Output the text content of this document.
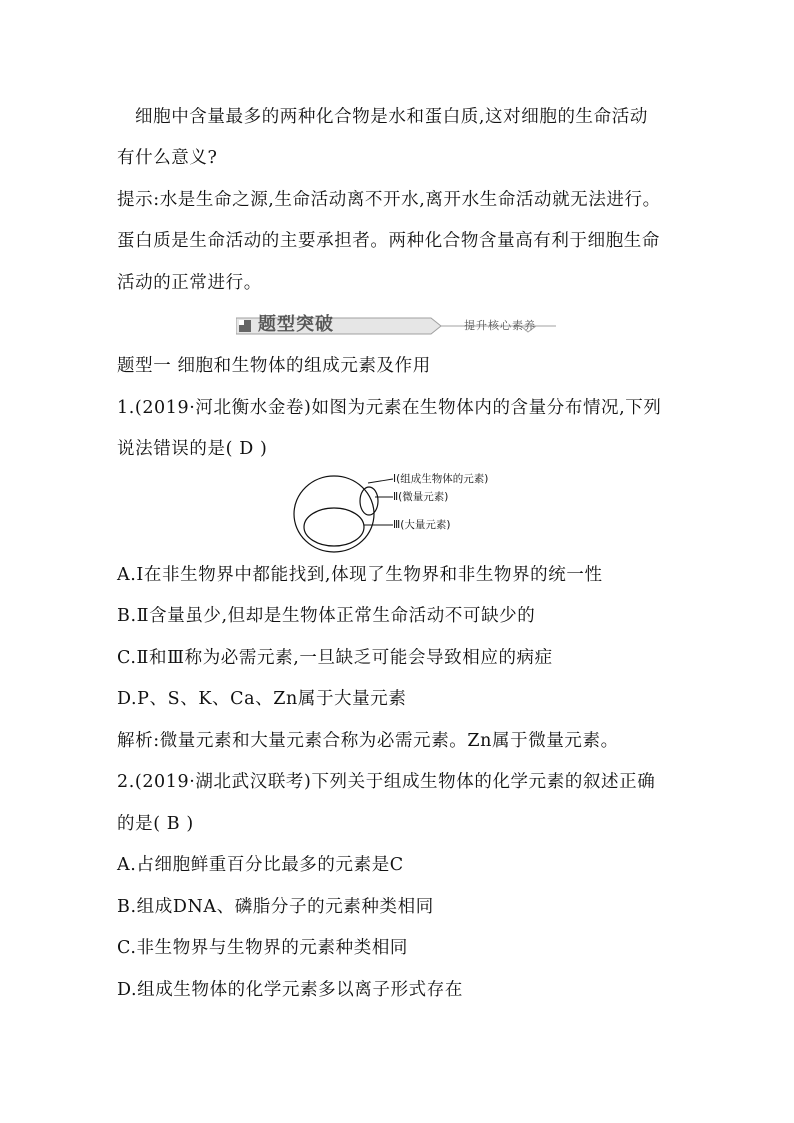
细胞中含量最多的两种化合物是水和蛋白质,这对细胞的生命活动
有什么意义?
提示:水是生命之源,生命活动离不开水,离开水生命活动就无法进行。
蛋白质是生命活动的主要承担者。两种化合物含量高有利于细胞生命
活动的正常进行。
题型突破	提升核心素养
题型一 细胞和生物体的组成元素及作用
1.(2019·河北衡水金卷)如图为元素在生物体内的含量分布情况,下列
说法错误的是( D )
Ⅰ(组成生物体的元素)
Ⅱ(微量元素)
Ⅲ(大量元素)
A.Ⅰ在非生物界中都能找到,体现了生物界和非生物界的统一性
B.Ⅱ含量虽少,但却是生物体正常生命活动不可缺少的
C.Ⅱ和Ⅲ称为必需元素,一旦缺乏可能会导致相应的病症
D.P、S、K、Ca、Zn属于大量元素
解析:微量元素和大量元素合称为必需元素。Zn属于微量元素。
2.(2019·湖北武汉联考)下列关于组成生物体的化学元素的叙述正确
的是( B )
A.占细胞鲜重百分比最多的元素是C
B.组成DNA、磷脂分子的元素种类相同
C.非生物界与生物界的元素种类相同
D.组成生物体的化学元素多以离子形式存在
